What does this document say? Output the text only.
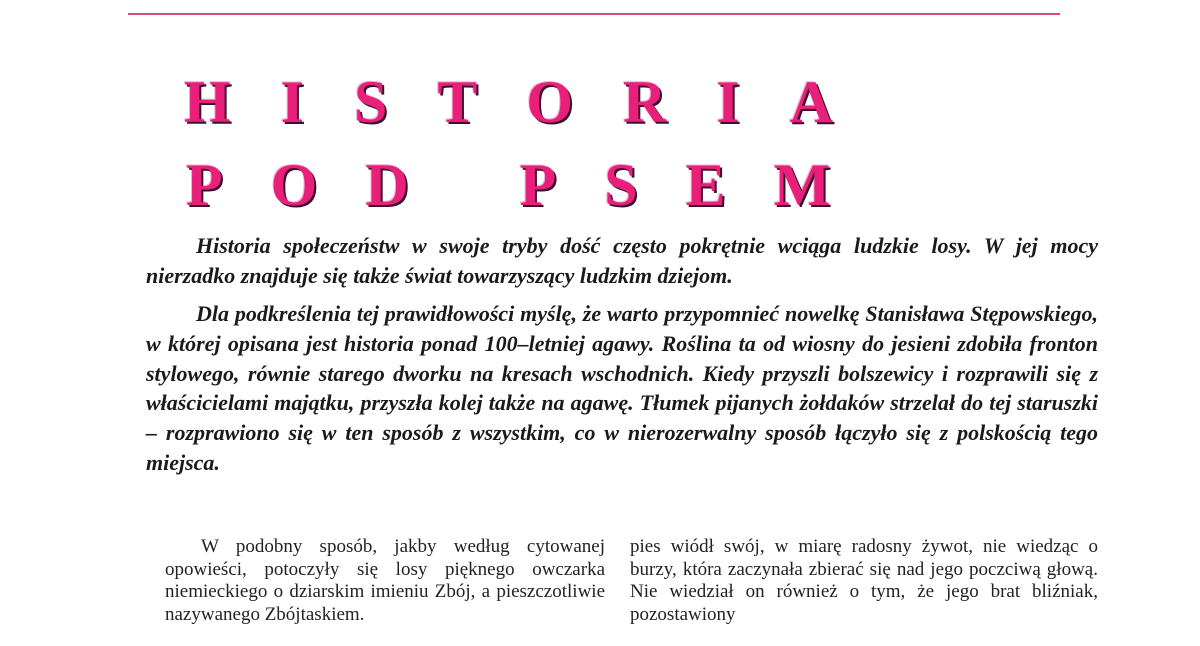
HISTORIA
POD PSEM

Historia społeczeństw w swoje tryby dość często pokrętnie wciąga ludzkie losy. W jej mocy nierzadko znajduje się także świat towarzyszący ludzkim dziejom.

Dla podkreślenia tej prawidłowości myślę, że warto przypomnieć nowelkę Stanisława Stępowskiego, w której opisana jest historia ponad 100–letniej agawy. Roślina ta od wiosny do jesieni zdobiła fronton stylowego, równie starego dworku na kresach wschodnich. Kiedy przyszli bolszewicy i rozprawili się z właścicielami majątku, przyszła kolej także na agawę. Tłumek pijanych żołdaków strzelał do tej staruszki – rozprawiono się w ten sposób z wszystkim, co w nierozerwalny sposób łączyło się z polskością tego miejsca.

W podobny sposób, jakby według cytowanej opowieści, potoczyły się losy pięknego owczarka niemieckiego o dziarskim imieniu Zbój, a pieszczotliwie nazywanego Zbójtaskiem.

pies wiódł swój, w miarę radosny żywot, nie wiedząc o burzy, która zaczynała zbierać się nad jego poczciwą głową. Nie wiedział on również o tym, że jego brat bliźniak, pozostawiony
